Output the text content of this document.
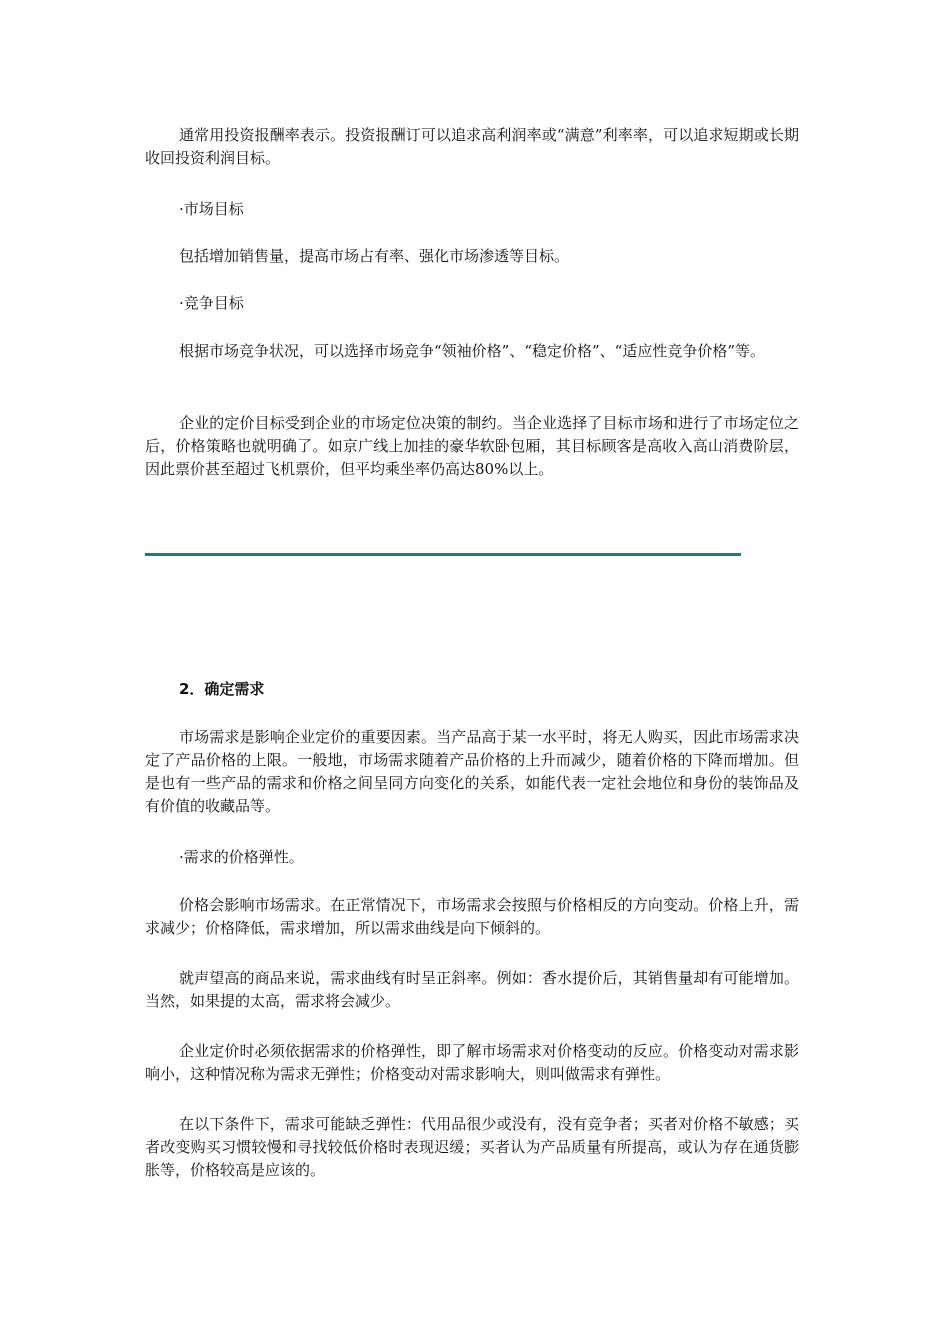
通常用投资报酬率表示。投资报酬订可以追求高利润率或“满意”利率率，可以追求短期或长期收回投资利润目标。

·市场目标

包括增加销售量，提高市场占有率、强化市场渗透等目标。

·竞争目标

根据市场竞争状况，可以选择市场竞争“领袖价格”、“稳定价格”、“适应性竞争价格”等。

企业的定价目标受到企业的市场定位决策的制约。当企业选择了目标市场和进行了市场定位之后，价格策略也就明确了。如京广线上加挂的豪华软卧包厢，其目标顾客是高收入高山消费阶层，因此票价甚至超过飞机票价，但平均乘坐率仍高达80%以上。

2．确定需求

市场需求是影响企业定价的重要因素。当产品高于某一水平时，将无人购买，因此市场需求决定了产品价格的上限。一般地，市场需求随着产品价格的上升而减少，随着价格的下降而增加。但是也有一些产品的需求和价格之间呈同方向变化的关系，如能代表一定社会地位和身份的装饰品及有价值的收藏品等。

·需求的价格弹性。

价格会影响市场需求。在正常情况下，市场需求会按照与价格相反的方向变动。价格上升，需求减少；价格降低，需求增加，所以需求曲线是向下倾斜的。

就声望高的商品来说，需求曲线有时呈正斜率。例如：香水提价后，其销售量却有可能增加。当然，如果提的太高，需求将会减少。

企业定价时必须依据需求的价格弹性，即了解市场需求对价格变动的反应。价格变动对需求影响小，这种情况称为需求无弹性；价格变动对需求影响大，则叫做需求有弹性。

在以下条件下，需求可能缺乏弹性：代用品很少或没有，没有竞争者；买者对价格不敏感；买者改变购买习惯较慢和寻找较低价格时表现迟缓；买者认为产品质量有所提高，或认为存在通货膨胀等，价格较高是应该的。
